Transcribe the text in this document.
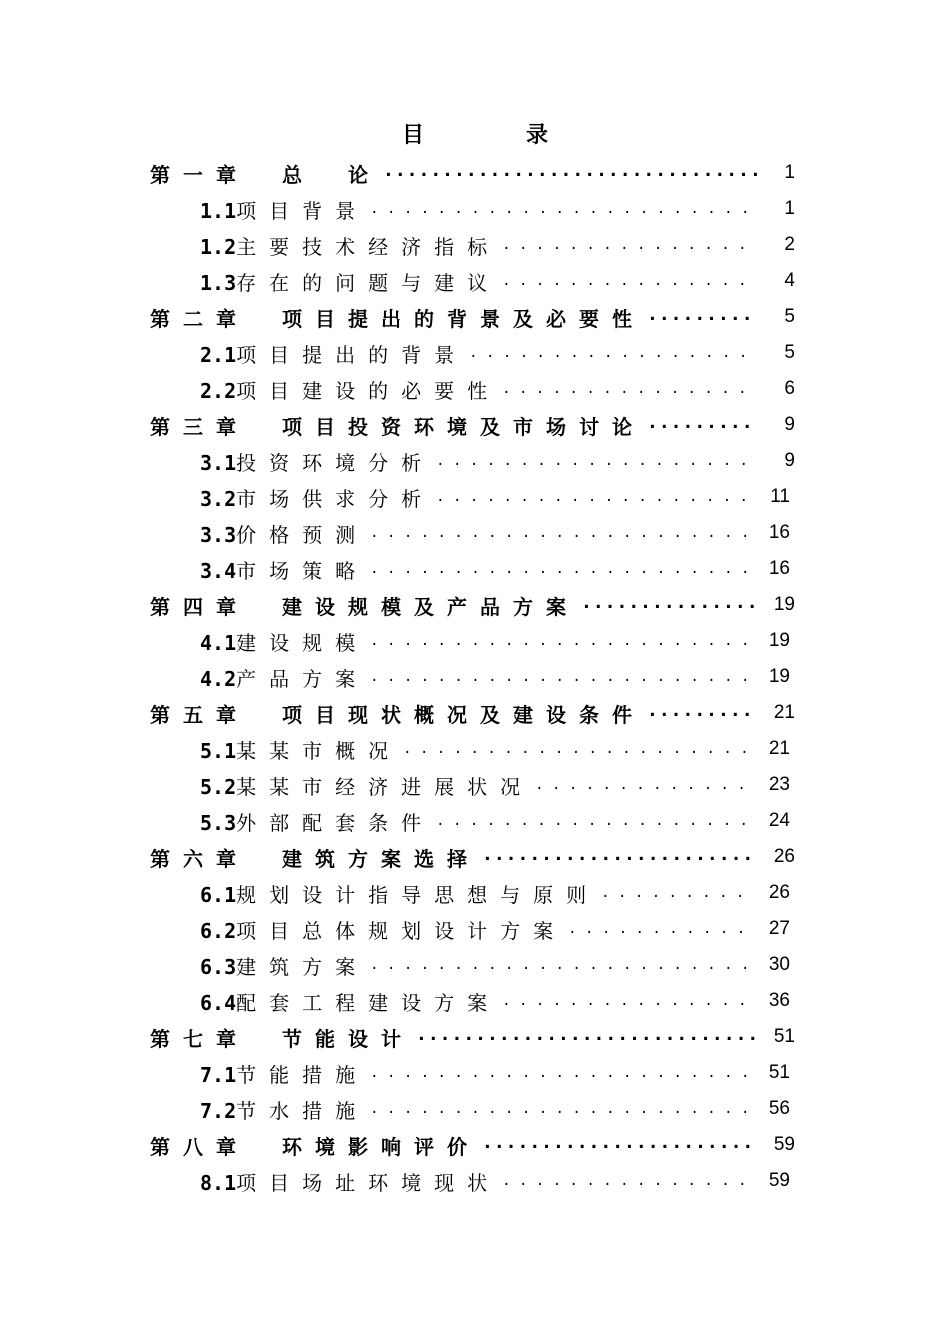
目　录
第一章　总　论 .....	1
1.1项目背景 . . .	1
1.2主要技术经济指标 . . .	2
1.3存在的问题与建议 . . .	4
第二章　项目提出的背景及必要性 .....	5
2.1项目提出的背景 . . .	5
2.2项目建设的必要性 . . .	6
第三章　项目投资环境及市场讨论 .....	9
3.1投资环境分析 . . .	9
3.2市场供求分析 . . .	11
3.3价格预测 . . .	16
3.4市场策略 . . .	16
第四章　建设规模及产品方案 .....	19
4.1建设规模 . . .	19
4.2产品方案 . . .	19
第五章　项目现状概况及建设条件 .....	21
5.1某某市概况 . . .	21
5.2某某市经济进展状况 . . .	23
5.3外部配套条件 . . .	24
第六章　建筑方案选择 .....	26
6.1规划设计指导思想与原则 . . .	26
6.2项目总体规划设计方案 . . .	27
6.3建筑方案 . . .	30
6.4配套工程建设方案 . . .	36
第七章　节能设计 .....	51
7.1节能措施 . . .	51
7.2节水措施 . . .	56
第八章　环境影响评价 .....	59
8.1项目场址环境现状 . . .	59
